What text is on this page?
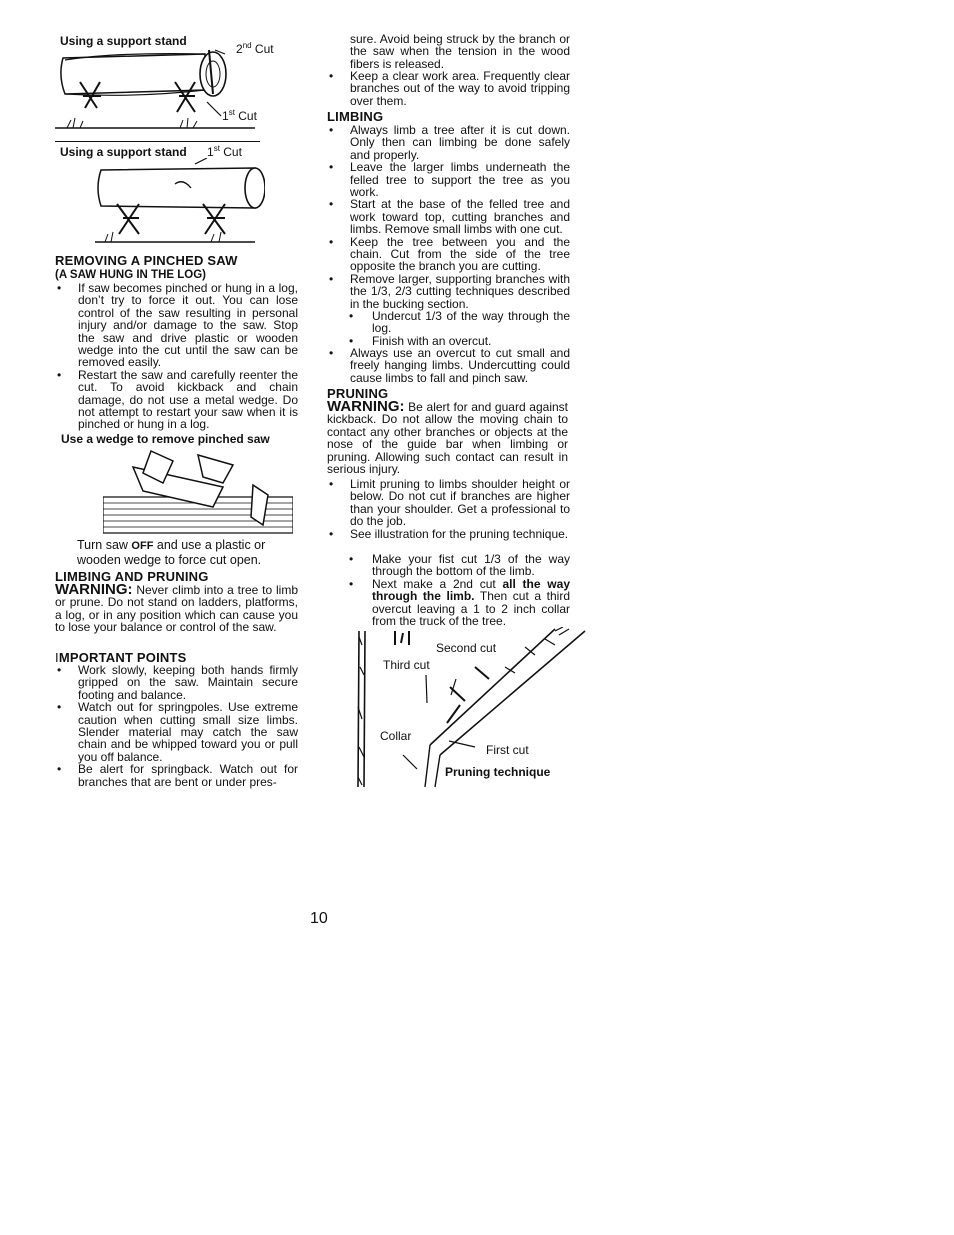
Using a support stand
2nd Cut
1st Cut
Using a support stand 1st Cut
REMOVING A PINCHED SAW
(A SAW HUNG IN THE LOG)
• If saw becomes pinched or hung in a log, don’t try to force it out. You can lose control of the saw resulting in personal injury and/or damage to the saw. Stop the saw and drive plastic or wooden wedge into the cut until the saw can be removed easily.
• Restart the saw and carefully reenter the cut. To avoid kickback and chain damage, do not use a metal wedge. Do not attempt to restart your saw when it is pinched or hung in a log.
Use a wedge to remove pinched saw
Turn saw OFF and use a plastic or
wooden wedge to force cut open.
LIMBING AND PRUNING
WARNING: Never climb into a tree to limb or prune. Do not stand on ladders, platforms, a log, or in any position which can cause you to lose your balance or control of the saw.
IMPORTANT POINTS
• Work slowly, keeping both hands firmly gripped on the saw. Maintain secure footing and balance.
• Watch out for springpoles. Use extreme caution when cutting small size limbs. Slender material may catch the saw chain and be whipped toward you or pull you off balance.
• Be alert for springback. Watch out for branches that are bent or under pres-
sure. Avoid being struck by the branch or the saw when the tension in the wood fibers is released.
• Keep a clear work area. Frequently clear branches out of the way to avoid tripping over them.
LIMBING
• Always limb a tree after it is cut down. Only then can limbing be done safely and properly.
• Leave the larger limbs underneath the felled tree to support the tree as you work.
• Start at the base of the felled tree and work toward top, cutting branches and limbs. Remove small limbs with one cut.
• Keep the tree between you and the chain. Cut from the side of the tree opposite the branch you are cutting.
• Remove larger, supporting branches with the 1/3, 2/3 cutting techniques described in the bucking section.
• Undercut 1/3 of the way through the log.
• Finish with an overcut.
• Always use an overcut to cut small and freely hanging limbs. Undercutting could cause limbs to fall and pinch saw.
PRUNING
WARNING: Be alert for and guard against kickback. Do not allow the moving chain to contact any other branches or objects at the nose of the guide bar when limbing or pruning. Allowing such contact can result in serious injury.
• Limit pruning to limbs shoulder height or below. Do not cut if branches are higher than your shoulder. Get a professional to do the job.
• See illustration for the pruning technique.
• Make your fist cut 1/3 of the way through the bottom of the limb.
• Next make a 2nd cut all the way through the limb. Then cut a third overcut leaving a 1 to 2 inch collar from the truck of the tree.
Second cut
Third cut
Collar
First cut
Pruning technique
10
